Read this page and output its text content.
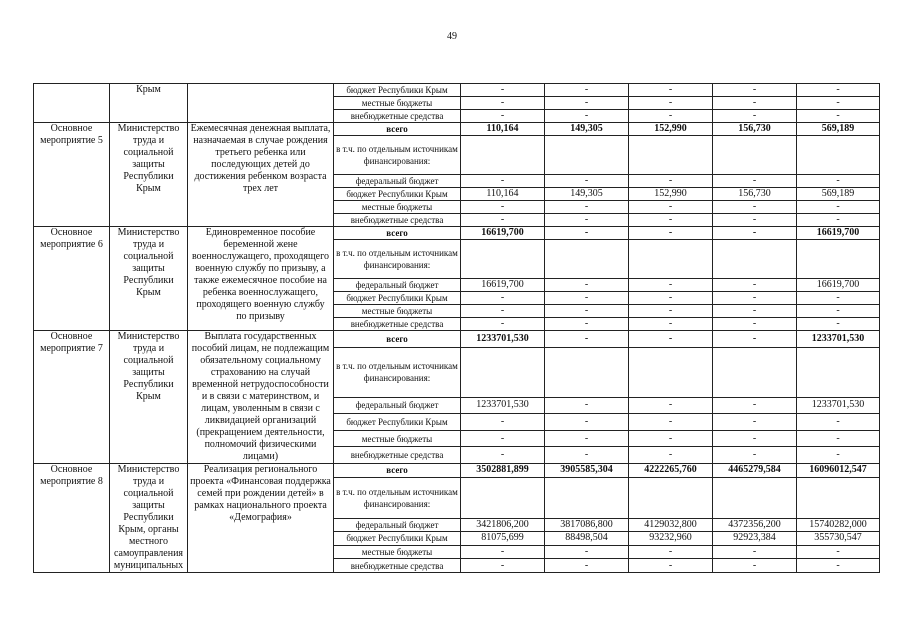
49
	Крым		бюджет Республики Крым	-	-	-	-	-
			местные бюджеты	-	-	-	-	-
			внебюджетные средства	-	-	-	-	-
Основное мероприятие 5	Министерство труда и социальной защиты Республики Крым	Ежемесячная денежная выплата, назначаемая в случае рождения третьего ребенка или последующих детей до достижения ребенком возраста трех лет	всего	110,164	149,305	152,990	156,730	569,189
			в т.ч. по отдельным источникам финансирования:					
			федеральный бюджет	-	-	-	-	-
			бюджет Республики Крым	110,164	149,305	152,990	156,730	569,189
			местные бюджеты	-	-	-	-	-
			внебюджетные средства	-	-	-	-	-
Основное мероприятие 6	Министерство труда и социальной защиты Республики Крым	Единовременное пособие беременной жене военнослужащего, проходящего военную службу по призыву, а также ежемесячное пособие на ребенка военнослужащего, проходящего военную службу по призыву	всего	16619,700	-	-	-	16619,700
			в т.ч. по отдельным источникам финансирования:					
			федеральный бюджет	16619,700	-	-	-	16619,700
			бюджет Республики Крым	-	-	-	-	-
			местные бюджеты	-	-	-	-	-
			внебюджетные средства	-	-	-	-	-
Основное мероприятие 7	Министерство труда и социальной защиты Республики Крым	Выплата государственных пособий лицам, не подлежащим обязательному социальному страхованию на случай временной нетрудоспособности и в связи с материнством, и лицам, уволенным в связи с ликвидацией организаций (прекращением деятельности, полномочий физическими лицами)	всего	1233701,530	-	-	-	1233701,530
			в т.ч. по отдельным источникам финансирования:					
			федеральный бюджет	1233701,530	-	-	-	1233701,530
			бюджет Республики Крым	-	-	-	-	-
			местные бюджеты	-	-	-	-	-
			внебюджетные средства	-	-	-	-	-
Основное мероприятие 8	Министерство труда и социальной защиты Республики Крым, органы местного самоуправления муниципальных	Реализация регионального проекта «Финансовая поддержка семей при рождении детей» в рамках национального проекта «Демография»	всего	3502881,899	3905585,304	4222265,760	4465279,584	16096012,547
			в т.ч. по отдельным источникам финансирования:					
			федеральный бюджет	3421806,200	3817086,800	4129032,800	4372356,200	15740282,000
			бюджет Республики Крым	81075,699	88498,504	93232,960	92923,384	355730,547
			местные бюджеты	-	-	-	-	-
			внебюджетные средства	-	-	-	-	-
